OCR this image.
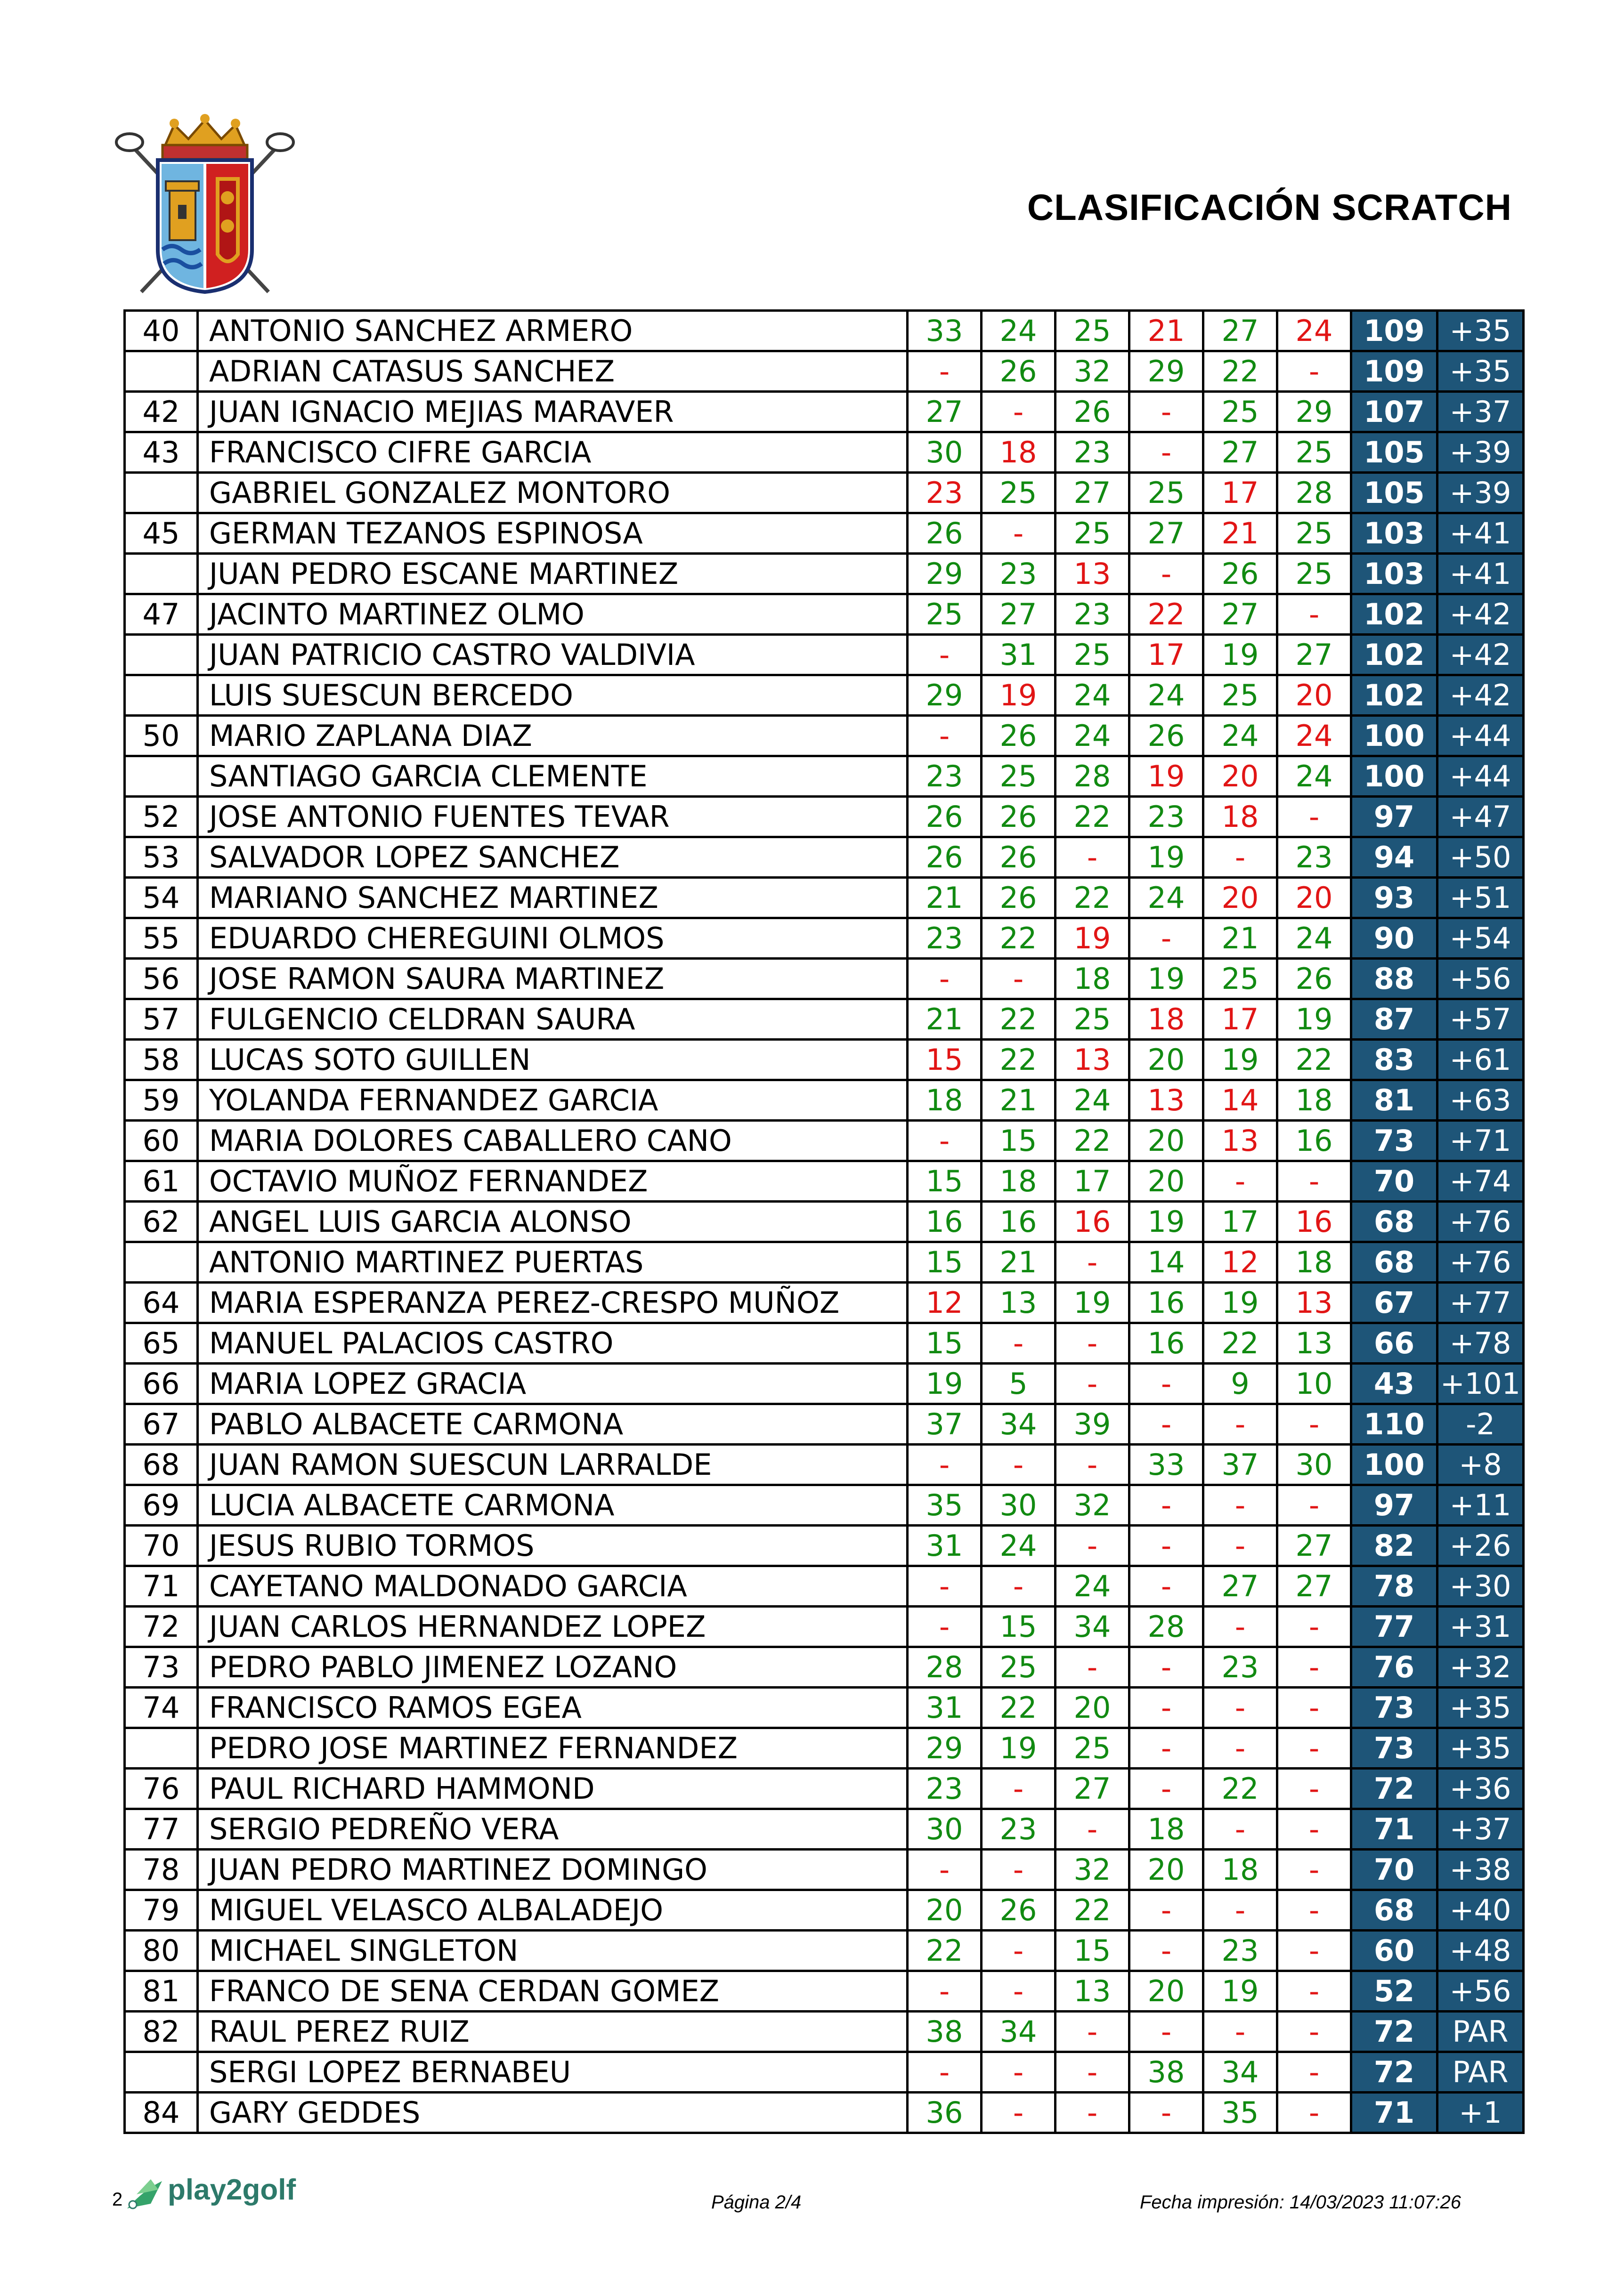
CLASIFICACIÓN SCRATCH
40	ANTONIO SANCHEZ ARMERO	33	24	25	21	27	24	109	+35
	ADRIAN CATASUS SANCHEZ	-	26	32	29	22	-	109	+35
42	JUAN IGNACIO MEJIAS MARAVER	27	-	26	-	25	29	107	+37
43	FRANCISCO CIFRE GARCIA	30	18	23	-	27	25	105	+39
	GABRIEL GONZALEZ MONTORO	23	25	27	25	17	28	105	+39
45	GERMAN TEZANOS ESPINOSA	26	-	25	27	21	25	103	+41
	JUAN PEDRO ESCANE MARTINEZ	29	23	13	-	26	25	103	+41
47	JACINTO MARTINEZ OLMO	25	27	23	22	27	-	102	+42
	JUAN PATRICIO CASTRO VALDIVIA	-	31	25	17	19	27	102	+42
	LUIS SUESCUN BERCEDO	29	19	24	24	25	20	102	+42
50	MARIO ZAPLANA DIAZ	-	26	24	26	24	24	100	+44
	SANTIAGO GARCIA CLEMENTE	23	25	28	19	20	24	100	+44
52	JOSE ANTONIO FUENTES TEVAR	26	26	22	23	18	-	97	+47
53	SALVADOR LOPEZ SANCHEZ	26	26	-	19	-	23	94	+50
54	MARIANO SANCHEZ MARTINEZ	21	26	22	24	20	20	93	+51
55	EDUARDO CHEREGUINI OLMOS	23	22	19	-	21	24	90	+54
56	JOSE RAMON SAURA MARTINEZ	-	-	18	19	25	26	88	+56
57	FULGENCIO CELDRAN SAURA	21	22	25	18	17	19	87	+57
58	LUCAS SOTO GUILLEN	15	22	13	20	19	22	83	+61
59	YOLANDA FERNANDEZ GARCIA	18	21	24	13	14	18	81	+63
60	MARIA DOLORES CABALLERO CANO	-	15	22	20	13	16	73	+71
61	OCTAVIO MUÑOZ FERNANDEZ	15	18	17	20	-	-	70	+74
62	ANGEL LUIS GARCIA ALONSO	16	16	16	19	17	16	68	+76
	ANTONIO MARTINEZ PUERTAS	15	21	-	14	12	18	68	+76
64	MARIA ESPERANZA PEREZ-CRESPO MUÑOZ	12	13	19	16	19	13	67	+77
65	MANUEL PALACIOS CASTRO	15	-	-	16	22	13	66	+78
66	MARIA LOPEZ GRACIA	19	5	-	-	9	10	43	+101
67	PABLO ALBACETE CARMONA	37	34	39	-	-	-	110	-2
68	JUAN RAMON SUESCUN LARRALDE	-	-	-	33	37	30	100	+8
69	LUCIA ALBACETE CARMONA	35	30	32	-	-	-	97	+11
70	JESUS RUBIO TORMOS	31	24	-	-	-	27	82	+26
71	CAYETANO MALDONADO GARCIA	-	-	24	-	27	27	78	+30
72	JUAN CARLOS HERNANDEZ LOPEZ	-	15	34	28	-	-	77	+31
73	PEDRO PABLO JIMENEZ LOZANO	28	25	-	-	23	-	76	+32
74	FRANCISCO RAMOS EGEA	31	22	20	-	-	-	73	+35
	PEDRO JOSE MARTINEZ FERNANDEZ	29	19	25	-	-	-	73	+35
76	PAUL RICHARD HAMMOND	23	-	27	-	22	-	72	+36
77	SERGIO PEDREÑO VERA	30	23	-	18	-	-	71	+37
78	JUAN PEDRO MARTINEZ DOMINGO	-	-	32	20	18	-	70	+38
79	MIGUEL VELASCO ALBALADEJO	20	26	22	-	-	-	68	+40
80	MICHAEL SINGLETON	22	-	15	-	23	-	60	+48
81	FRANCO DE SENA CERDAN GOMEZ	-	-	13	20	19	-	52	+56
82	RAUL PEREZ RUIZ	38	34	-	-	-	-	72	PAR
	SERGI LOPEZ BERNABEU	-	-	-	38	34	-	72	PAR
84	GARY GEDDES	36	-	-	-	35	-	71	+1
2 play2golf	Página 2/4	Fecha impresión: 14/03/2023 11:07:26
